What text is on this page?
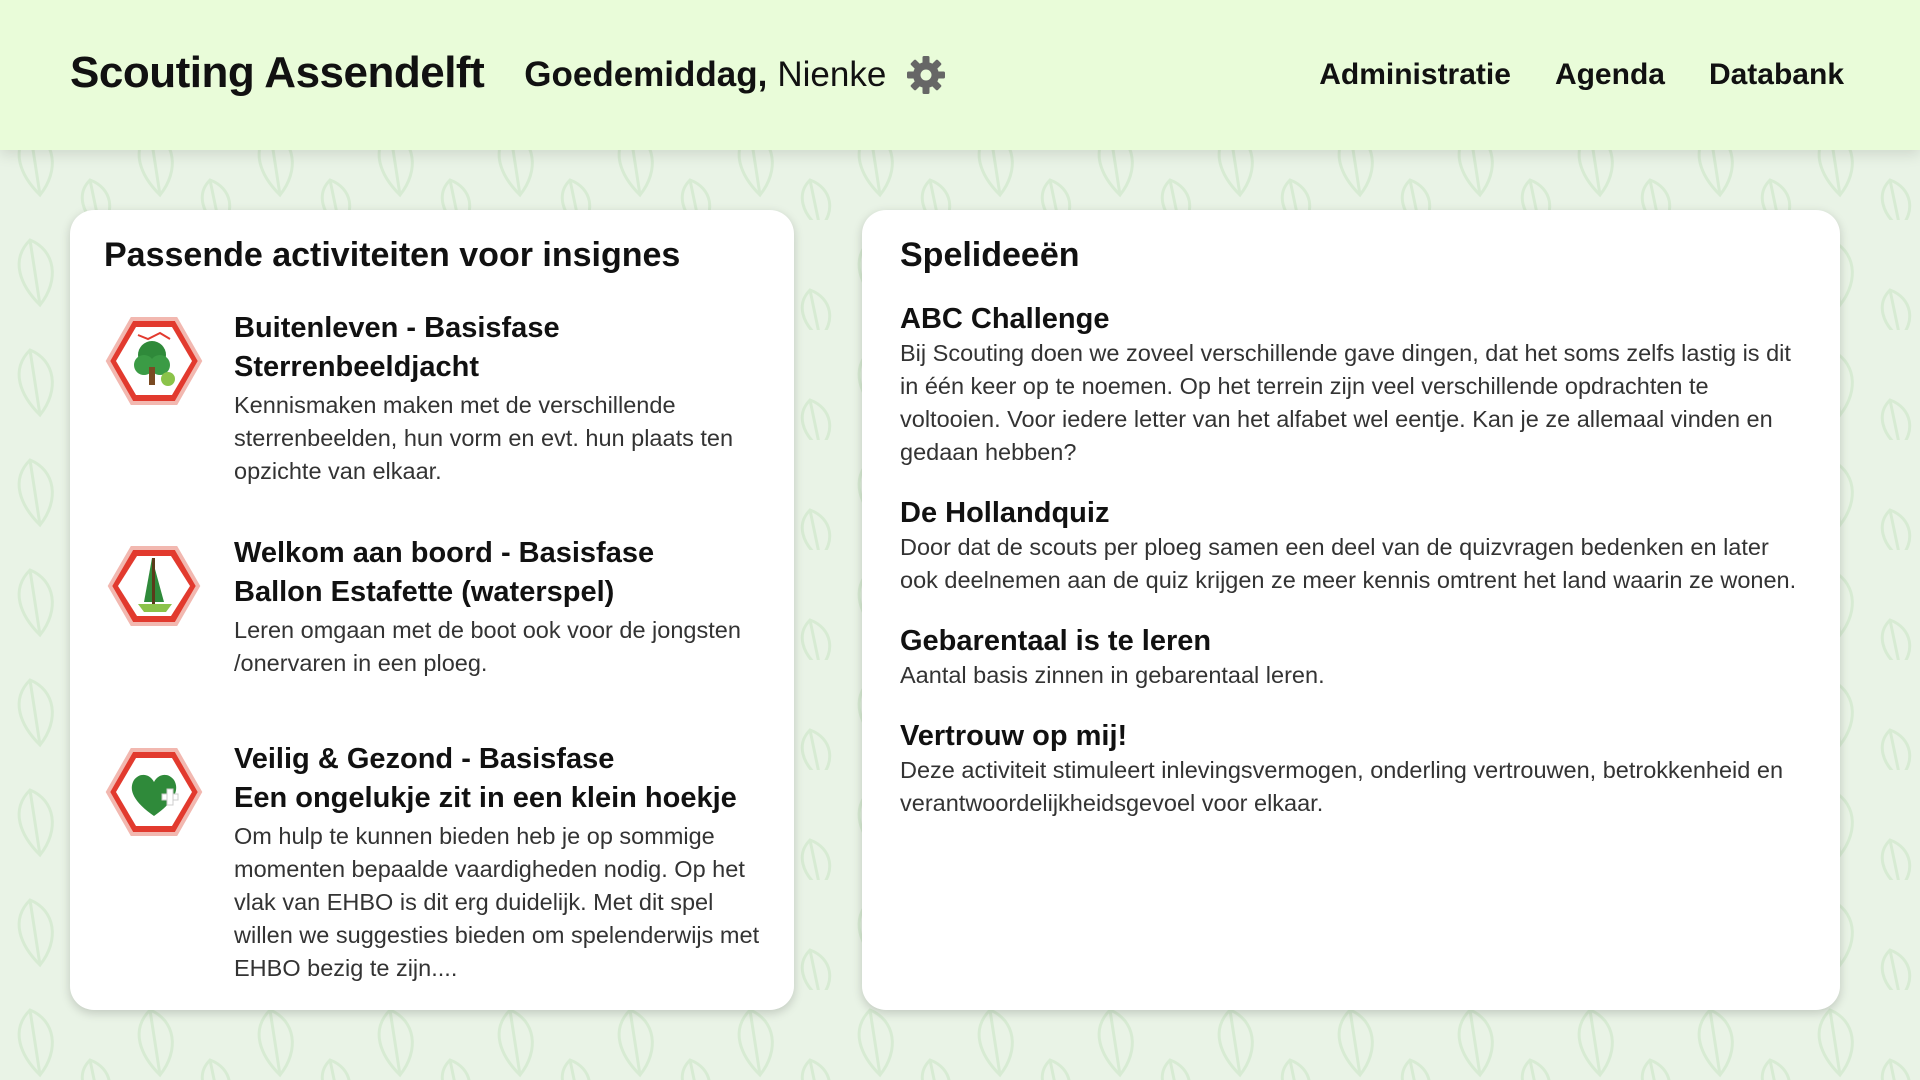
Scouting Assendelft Goedemiddag, Nienke	Administratie Agenda Databank
Passende activiteiten voor insignes
Buitenleven - Basisfase
Sterrenbeeldjacht
Kennismaken maken met de verschillende sterrenbeelden, hun vorm en evt. hun plaats ten opzichte van elkaar.
Welkom aan boord - Basisfase
Ballon Estafette (waterspel)
Leren omgaan met de boot ook voor de jongsten /onervaren in een ploeg.
Veilig & Gezond - Basisfase
Een ongelukje zit in een klein hoekje
Om hulp te kunnen bieden heb je op sommige momenten bepaalde vaardigheden nodig. Op het vlak van EHBO is dit erg duidelijk. Met dit spel willen we suggesties bieden om spelenderwijs met EHBO bezig te zijn....
Spelideeën
ABC Challenge
Bij Scouting doen we zoveel verschillende gave dingen, dat het soms zelfs lastig is dit in één keer op te noemen. Op het terrein zijn veel verschillende opdrachten te voltooien. Voor iedere letter van het alfabet wel eentje. Kan je ze allemaal vinden en gedaan hebben?
De Hollandquiz
Door dat de scouts per ploeg samen een deel van de quizvragen bedenken en later ook deelnemen aan de quiz krijgen ze meer kennis omtrent het land waarin ze wonen.
Gebarentaal is te leren
Aantal basis zinnen in gebarentaal leren.
Vertrouw op mij!
Deze activiteit stimuleert inlevingsvermogen, onderling vertrouwen, betrokkenheid en verantwoordelijkheidsgevoel voor elkaar.
